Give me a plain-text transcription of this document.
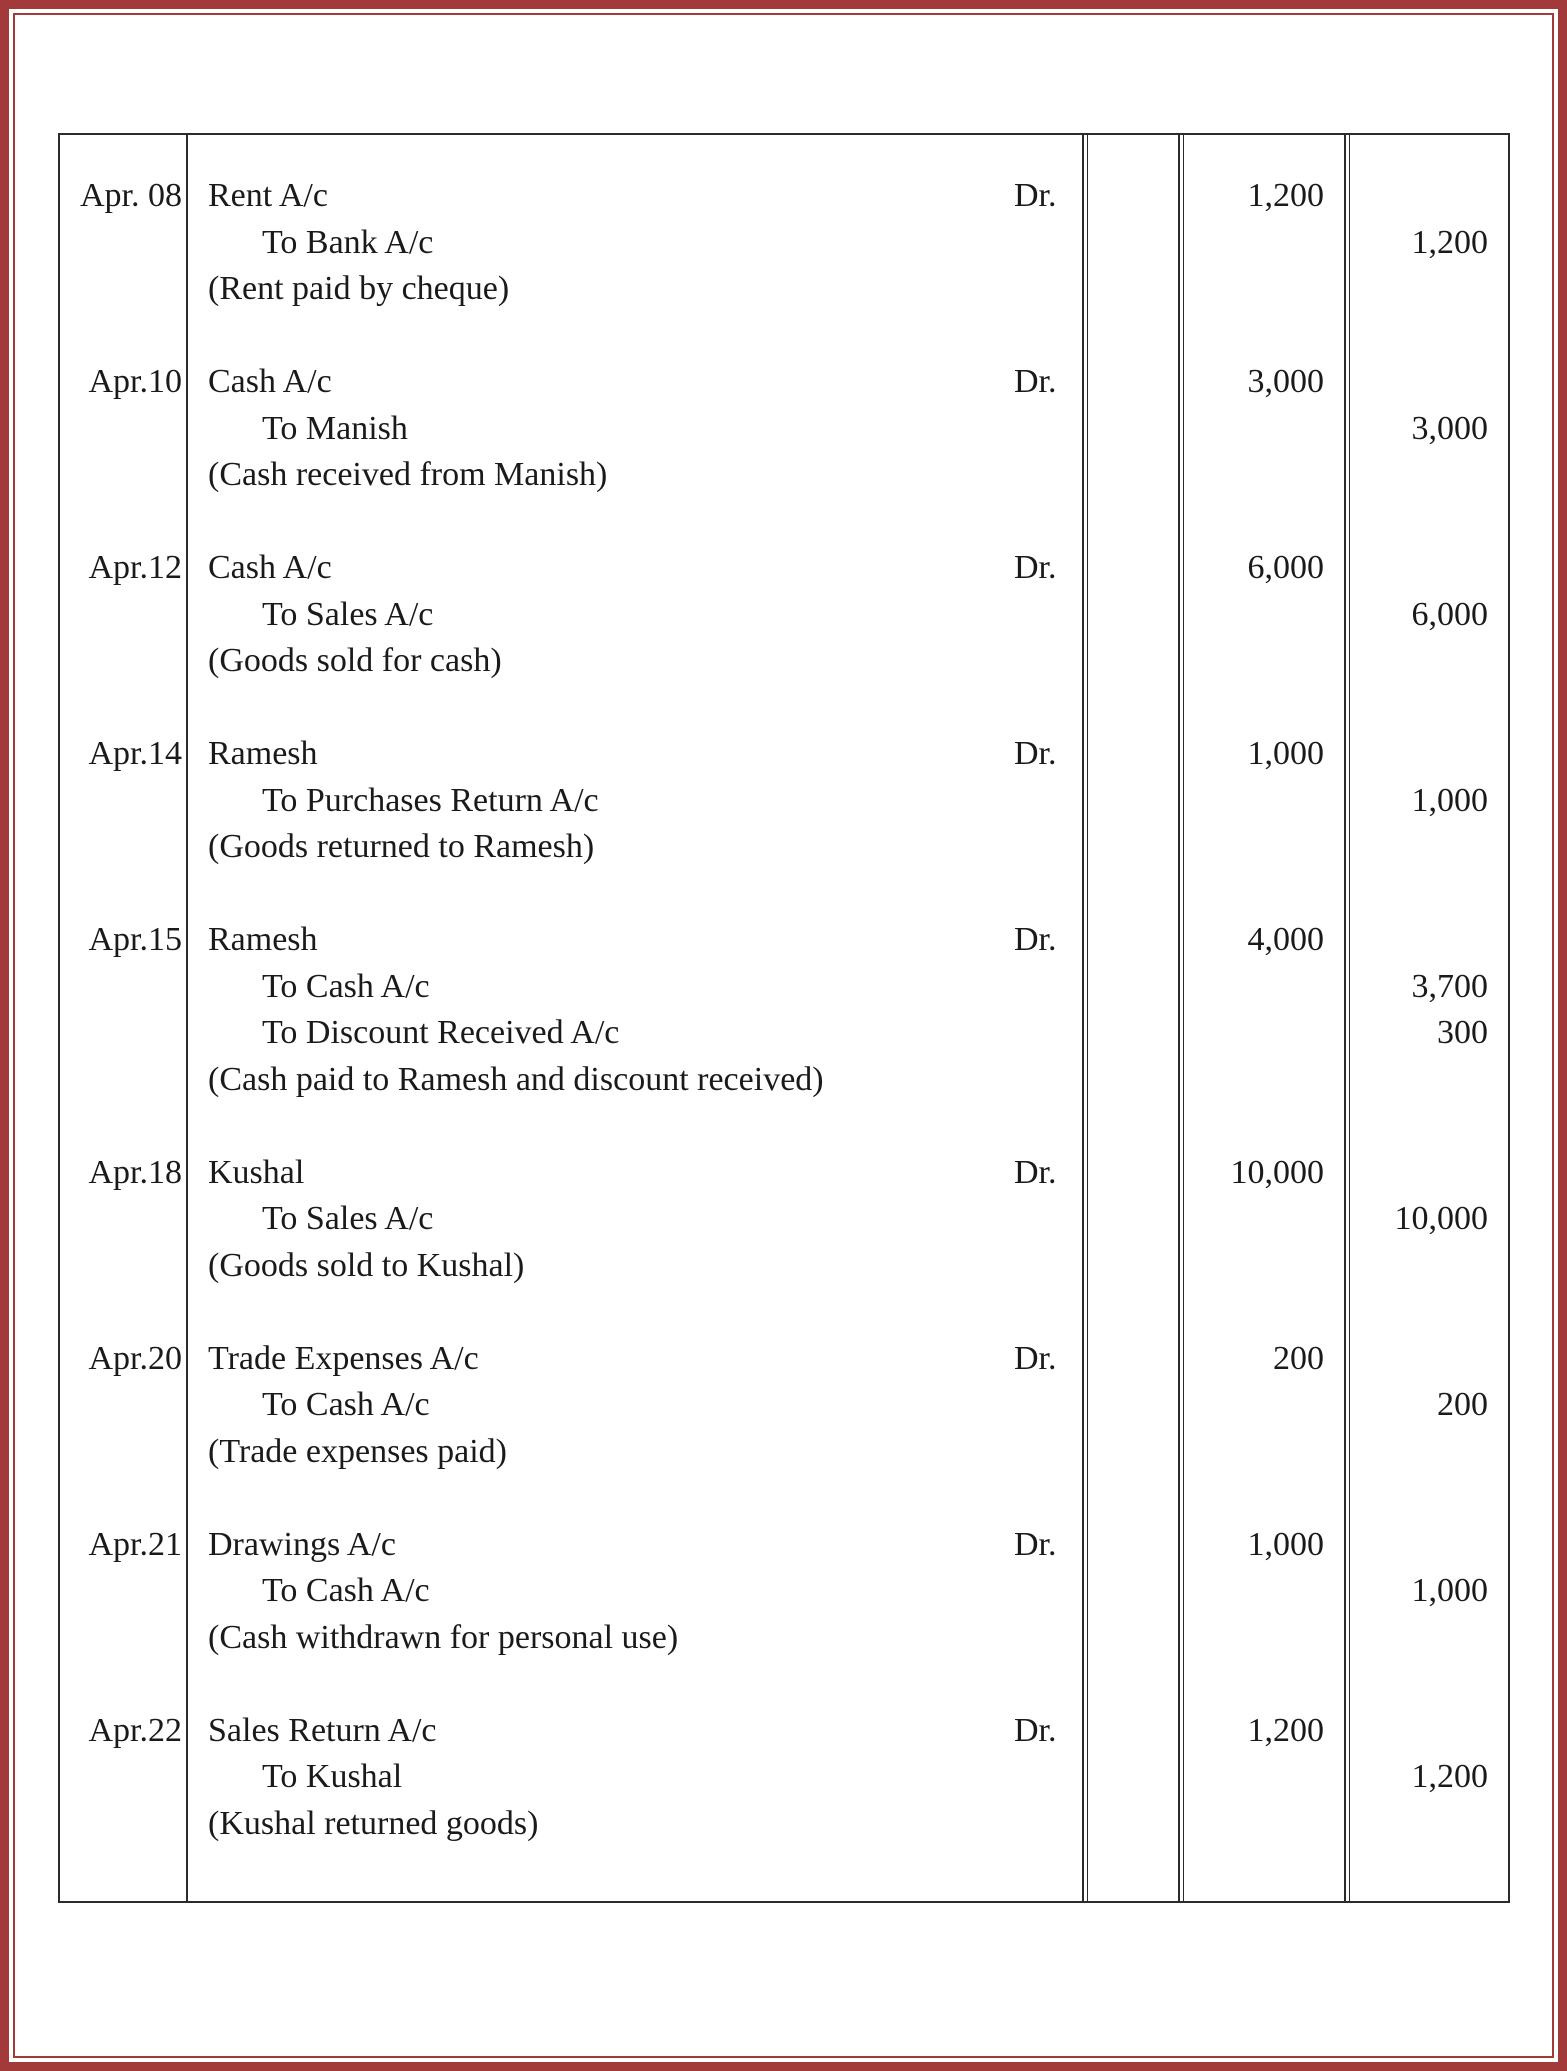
Apr. 08 Rent A/c	Dr.	1,200
To Bank A/c	1,200
(Rent paid by cheque)
Apr.10 Cash A/c	Dr.	3,000
To Manish	3,000
(Cash received from Manish)
Apr.12 Cash A/c	Dr.	6,000
To Sales A/c	6,000
(Goods sold for cash)
Apr.14 Ramesh	Dr.	1,000
To Purchases Return A/c	1,000
(Goods returned to Ramesh)
Apr.15 Ramesh	Dr.	4,000
To Cash A/c	3,700
To Discount Received A/c	300
(Cash paid to Ramesh and discount received)
Apr.18 Kushal	Dr.	10,000
To Sales A/c	10,000
(Goods sold to Kushal)
Apr.20 Trade Expenses A/c	Dr.	200
To Cash A/c	200
(Trade expenses paid)
Apr.21 Drawings A/c	Dr.	1,000
To Cash A/c	1,000
(Cash withdrawn for personal use)
Apr.22 Sales Return A/c	Dr.	1,200
To Kushal	1,200
(Kushal returned goods)
